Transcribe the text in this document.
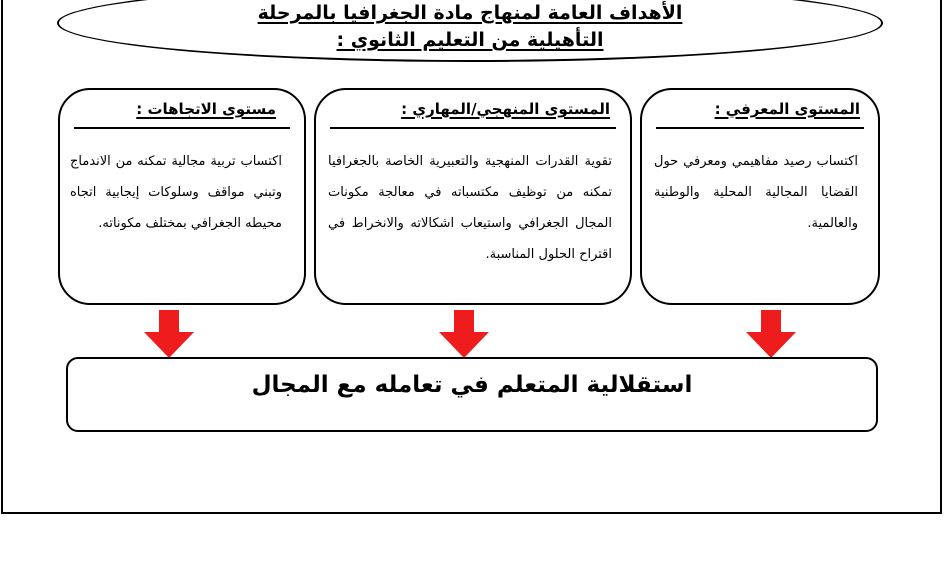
الأهداف العامة لمنهاج مادة الجغرافيا بالمرحلة
التأهيلية من التعليم الثانوي :
المستوى المعرفي :
اكتساب رصيد مفاهيمي ومعرفي حول القضايا المجالية المحلية والوطنية والعالمية.
المستوى المنهجي/المهاري :
تقوية القدرات المنهجية والتعبيرية الخاصة بالجغرافيا تمكنه من توظيف مكتسباته في معالجة مكونات المجال الجغرافي واستيعاب اشكالاته والانخراط في اقتراح الحلول المناسبة.
مستوى الاتجاهات :
اكتساب تربية مجالية تمكنه من الاندماج وتبني مواقف وسلوكات إيجابية اتجاه محيطه الجغرافي بمختلف مكوناته.
استقلالية المتعلم في تعامله مع المجال
